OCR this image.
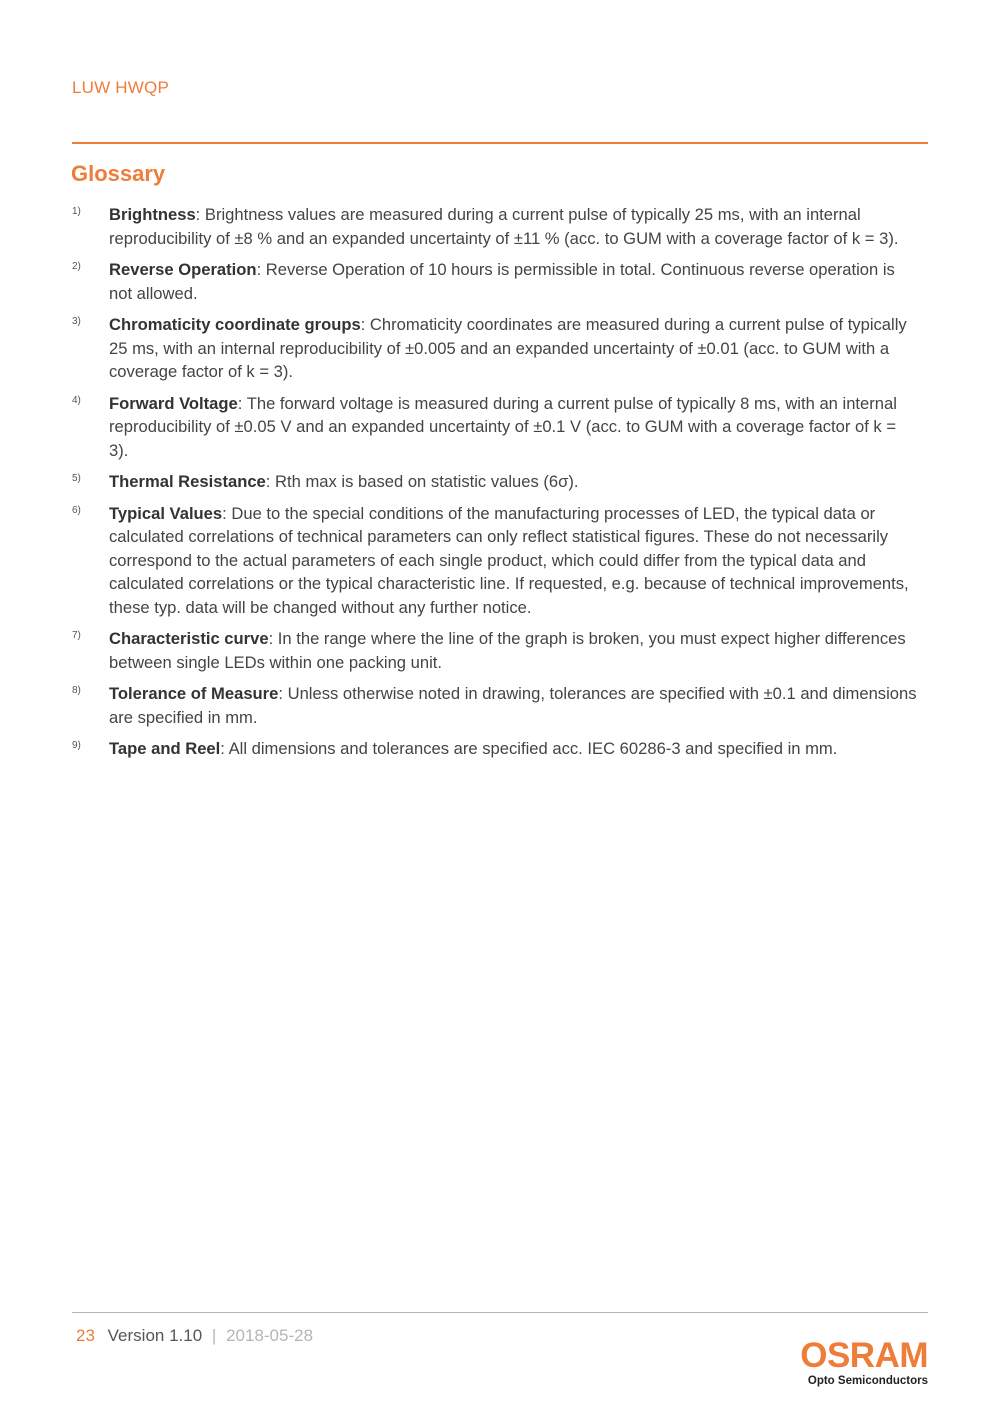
LUW HWQP
Glossary
1)	Brightness: Brightness values are measured during a current pulse of typically 25 ms, with an internal reproducibility of ±8 % and an expanded uncertainty of ±11 % (acc. to GUM with a coverage factor of k = 3).
2)	Reverse Operation: Reverse Operation of 10 hours is permissible in total. Continuous reverse operation is not allowed.
3)	Chromaticity coordinate groups: Chromaticity coordinates are measured during a current pulse of typically 25 ms, with an internal reproducibility of ±0.005 and an expanded uncertainty of ±0.01 (acc. to GUM with a coverage factor of k = 3).
4)	Forward Voltage: The forward voltage is measured during a current pulse of typically 8 ms, with an internal reproducibility of ±0.05 V and an expanded uncertainty of ±0.1 V (acc. to GUM with a coverage factor of k = 3).
5)	Thermal Resistance: Rth max is based on statistic values (6σ).
6)	Typical Values: Due to the special conditions of the manufacturing processes of LED, the typical data or calculated correlations of technical parameters can only reflect statistical figures. These do not necessarily correspond to the actual parameters of each single product, which could differ from the typical data and calculated correlations or the typical characteristic line. If requested, e.g. because of technical improvements, these typ. data will be changed without any further notice.
7)	Characteristic curve: In the range where the line of the graph is broken, you must expect higher differences between single LEDs within one packing unit.
8)	Tolerance of Measure: Unless otherwise noted in drawing, tolerances are specified with ±0.1 and dimensions are specified in mm.
9)	Tape and Reel: All dimensions and tolerances are specified acc. IEC 60286-3 and specified in mm.
23 Version 1.10 | 2018-05-28
OSRAM
Opto Semiconductors
